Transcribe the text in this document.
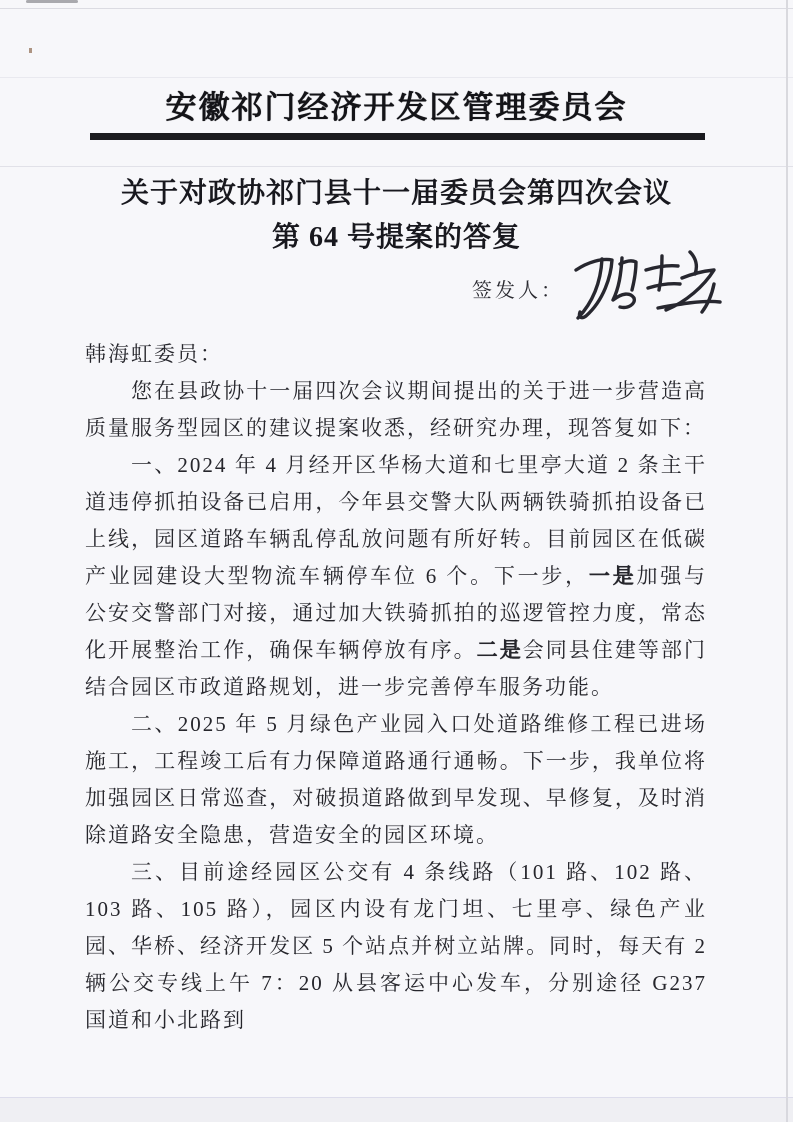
安徽祁门经济开发区管理委员会
关于对政协祁门县十一届委员会第四次会议
第 64 号提案的答复
签发人：

韩海虹委员：

您在县政协十一届四次会议期间提出的关于进一步营造高质量服务型园区的建议提案收悉，经研究办理，现答复如下：

一、2024 年 4 月经开区华杨大道和七里亭大道 2 条主干道违停抓拍设备已启用，今年县交警大队两辆铁骑抓拍设备已上线，园区道路车辆乱停乱放问题有所好转。目前园区在低碳产业园建设大型物流车辆停车位 6 个。下一步，一是加强与公安交警部门对接，通过加大铁骑抓拍的巡逻管控力度，常态化开展整治工作，确保车辆停放有序。二是会同县住建等部门结合园区市政道路规划，进一步完善停车服务功能。

二、2025 年 5 月绿色产业园入口处道路维修工程已进场施工，工程竣工后有力保障道路通行通畅。下一步，我单位将加强园区日常巡查，对破损道路做到早发现、早修复，及时消除道路安全隐患，营造安全的园区环境。

三、目前途经园区公交有 4 条线路（101 路、102 路、103 路、105 路），园区内设有龙门坦、七里亭、绿色产业园、华桥、经济开发区 5 个站点并树立站牌。同时，每天有 2 辆公交专线上午 7：20 从县客运中心发车，分别途径 G237 国道和小北路到
